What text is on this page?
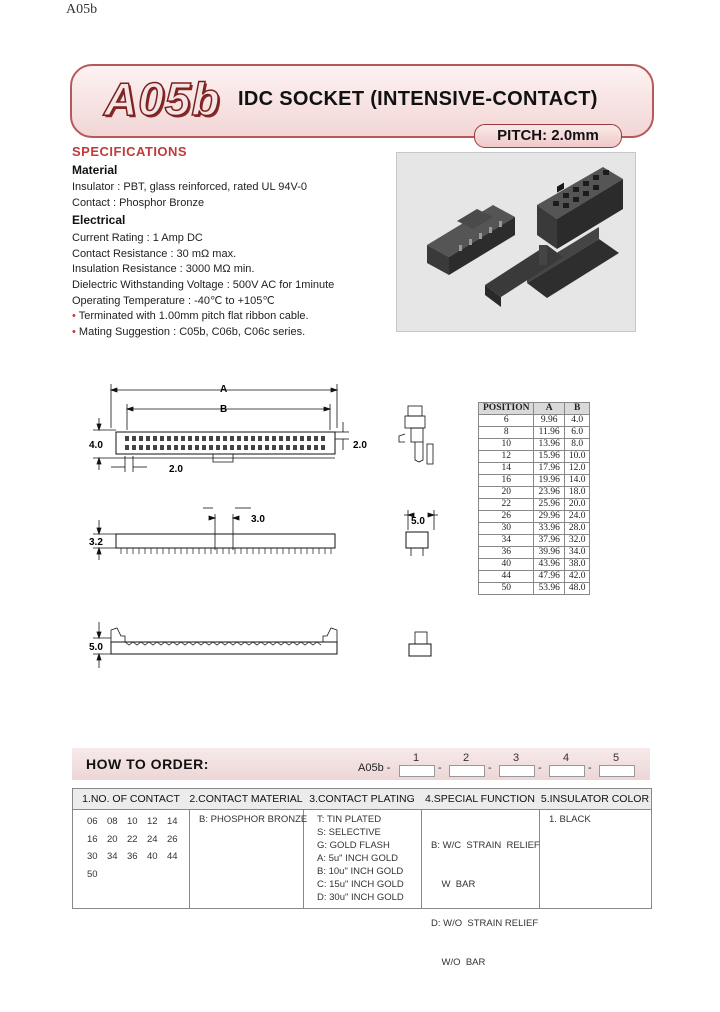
A05b
A05b IDC SOCKET (INTENSIVE-CONTACT)
PITCH: 2.0mm
SPECIFICATIONS
Material
Insulator : PBT, glass reinforced, rated UL 94V-0
Contact : Phosphor Bronze
Electrical
Current Rating : 1 Amp DC
Contact Resistance : 30 mΩ max.
Insulation Resistance : 3000 MΩ min.
Dielectric Withstanding Voltage : 500V AC for 1minute
Operating Temperature : -40℃ to +105℃
• Terminated with 1.00mm pitch flat ribbon cable.
• Mating Suggestion : C05b, C06b, C06c series.
A
B
4.0
2.0
2.0
3.0
3.2
5.0
5.0
POSITION	A	B
6	9.96	4.0
8	11.96	6.0
10	13.96	8.0
12	15.96	10.0
14	17.96	12.0
16	19.96	14.0
20	23.96	18.0
22	25.96	20.0
26	29.96	24.0
30	33.96	28.0
34	37.96	32.0
36	39.96	34.0
40	43.96	38.0
44	47.96	42.0
50	53.96	48.0
HOW TO ORDER:	A05b -
1
-
2
-
3
-
4
-
5
1.NO. OF CONTACT
06 08 10 12 14
16 20 22 24 26
30 34 36 40 44
50
2.CONTACT MATERIAL
B: PHOSPHOR BRONZE
3.CONTACT PLATING
T: TIN PLATED
S: SELECTIVE
G: GOLD FLASH
A: 5u" INCH GOLD
B: 10u" INCH GOLD
C: 15u" INCH GOLD
D: 30u" INCH GOLD
4.SPECIAL FUNCTION

B: W/C  STRAIN  RELIEF

W  BAR

D: W/O  STRAIN RELIEF

W/O  BAR

5.INSULATOR COLOR
1. BLACK
